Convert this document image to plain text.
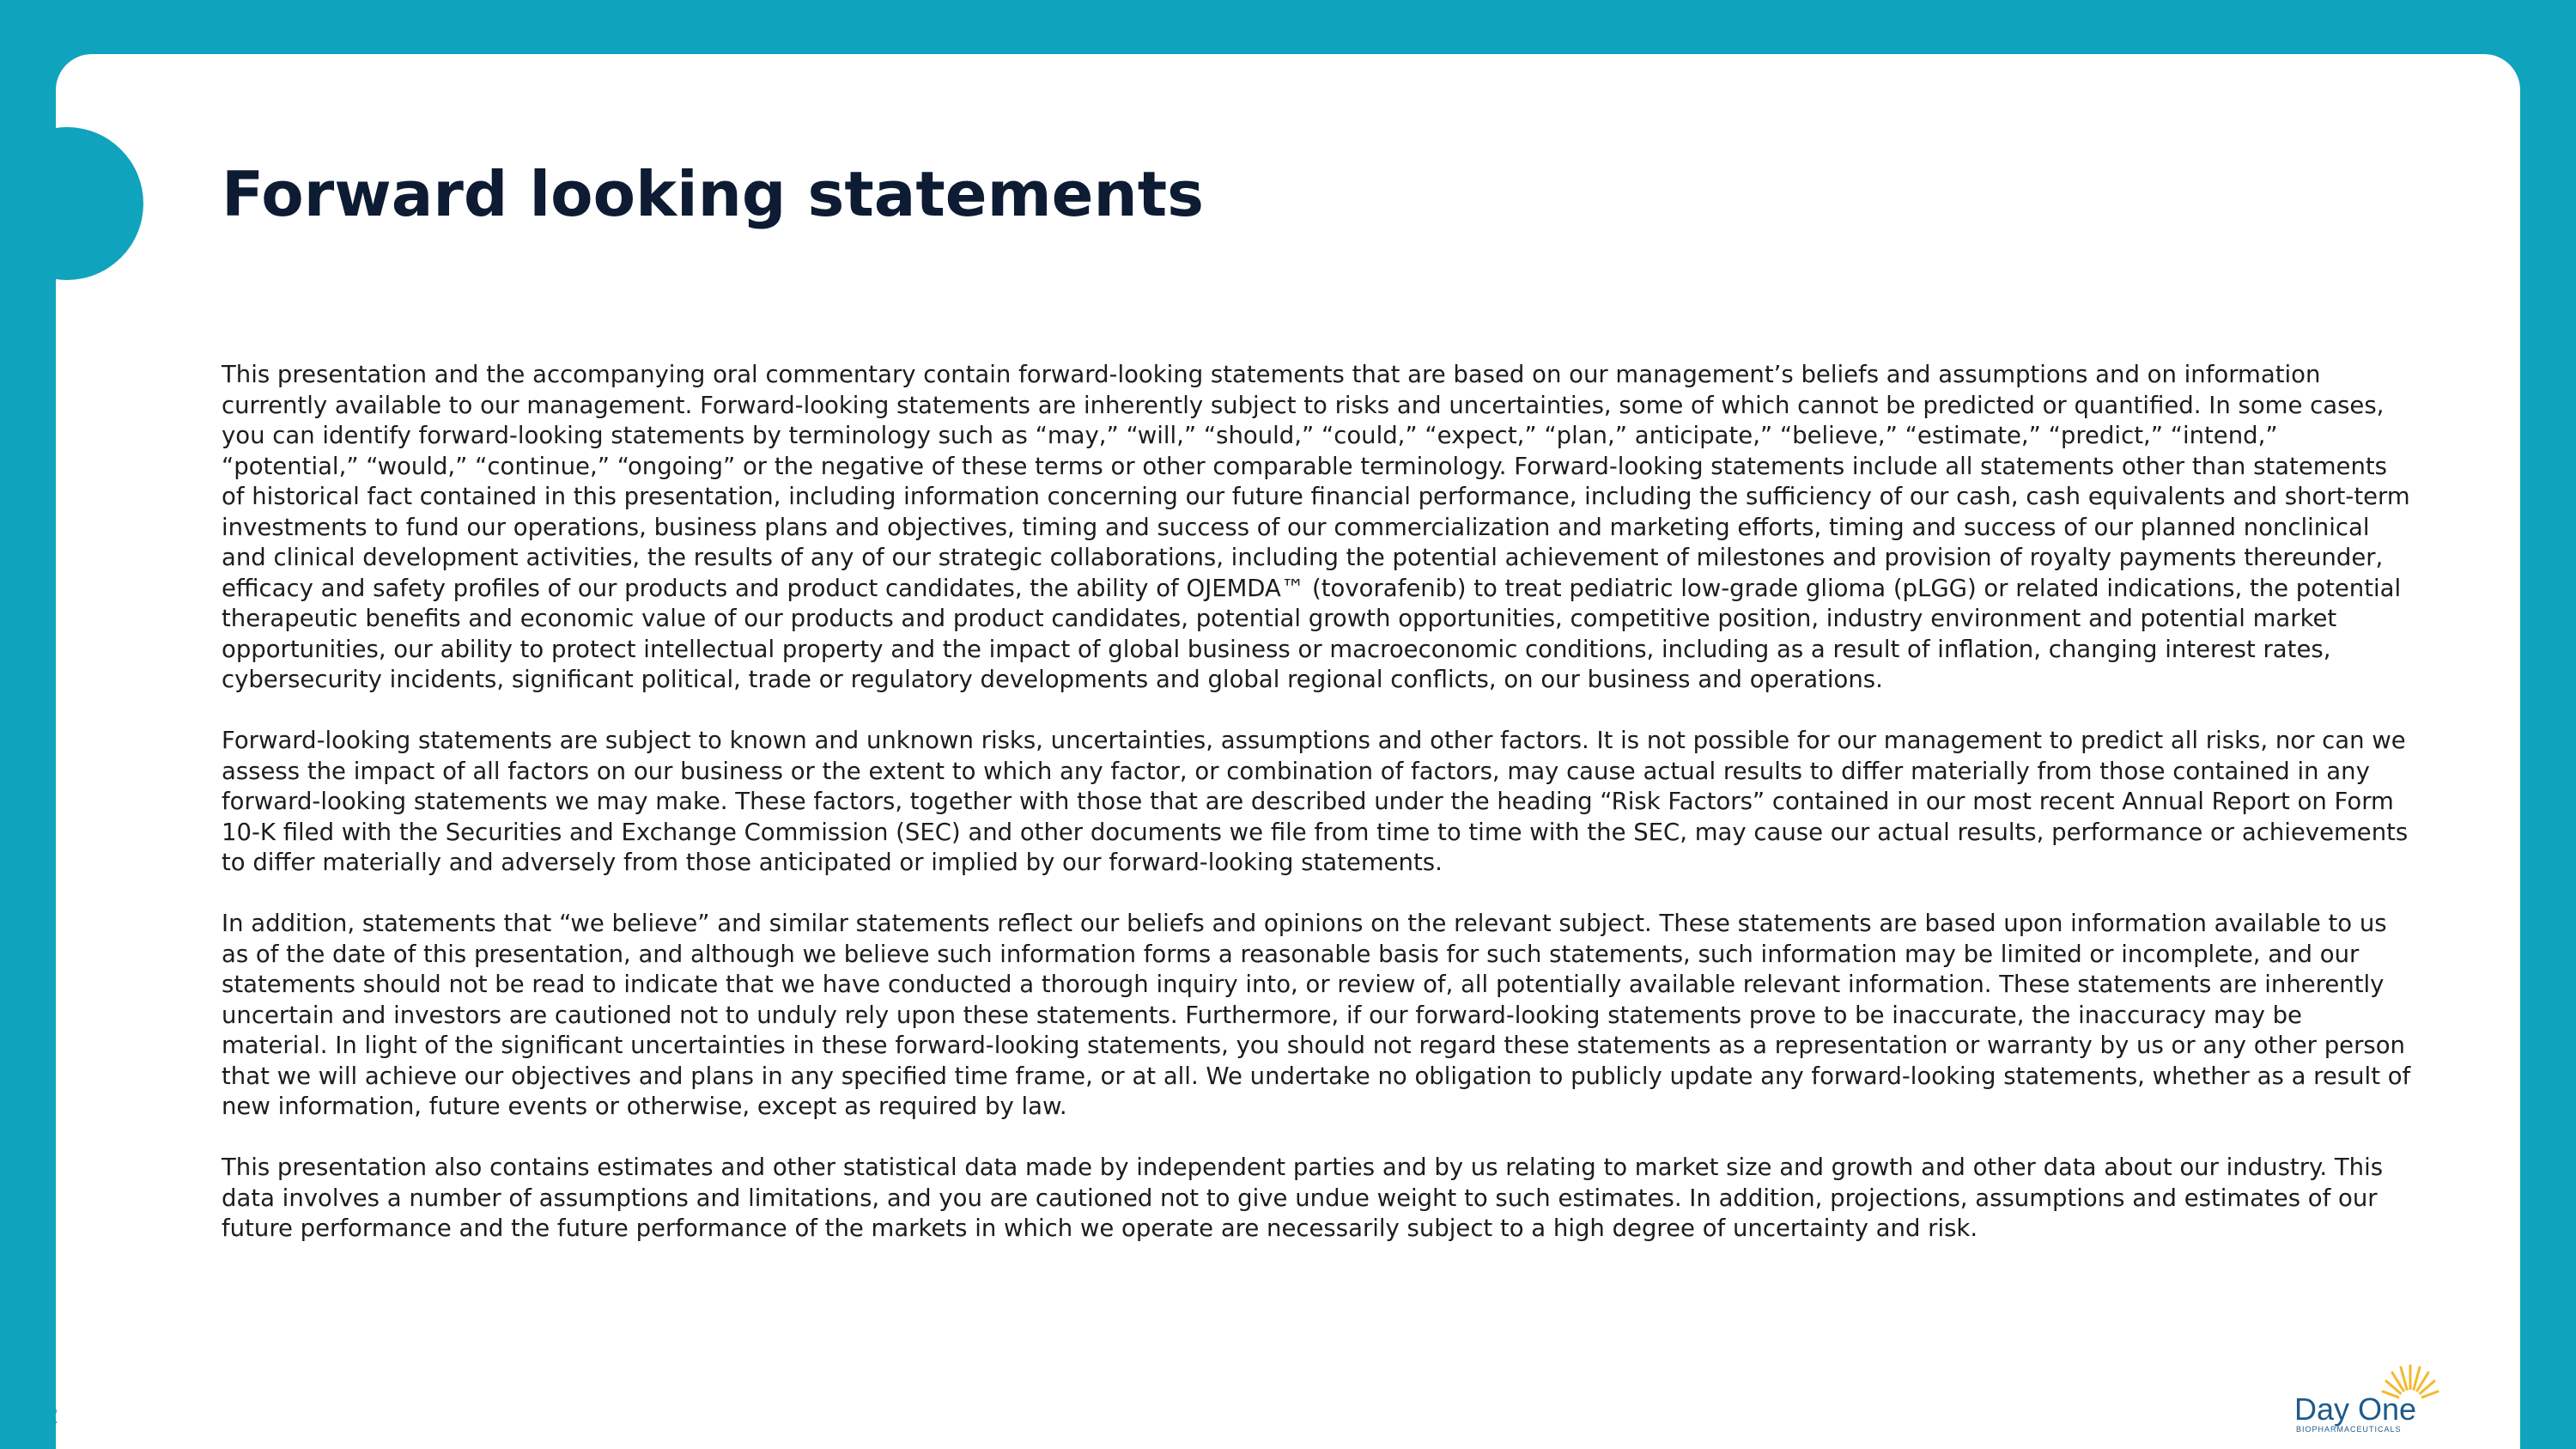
Forward looking statements

This presentation and the accompanying oral commentary contain forward-looking statements that are based on our management’s beliefs and assumptions and on information currently available to our management. Forward-looking statements are inherently subject to risks and uncertainties, some of which cannot be predicted or quantified. In some cases, you can identify forward-looking statements by terminology such as “may,” “will,” “should,” “could,” “expect,” “plan,” anticipate,” “believe,” “estimate,” “predict,” “intend,” “potential,” “would,” “continue,” “ongoing” or the negative of these terms or other comparable terminology. Forward-looking statements include all statements other than statements of historical fact contained in this presentation, including information concerning our future financial performance, including the sufficiency of our cash, cash equivalents and short-term investments to fund our operations, business plans and objectives, timing and success of our commercialization and marketing efforts, timing and success of our planned nonclinical and clinical development activities, the results of any of our strategic collaborations, including the potential achievement of milestones and provision of royalty payments thereunder, efficacy and safety profiles of our products and product candidates, the ability of OJEMDA™ (tovorafenib) to treat pediatric low-grade glioma (pLGG) or related indications, the potential therapeutic benefits and economic value of our products and product candidates, potential growth opportunities, competitive position, industry environment and potential market opportunities, our ability to protect intellectual property and the impact of global business or macroeconomic conditions, including as a result of inflation, changing interest rates, cybersecurity incidents, significant political, trade or regulatory developments and global regional conflicts, on our business and operations.

Forward-looking statements are subject to known and unknown risks, uncertainties, assumptions and other factors. It is not possible for our management to predict all risks, nor can we assess the impact of all factors on our business or the extent to which any factor, or combination of factors, may cause actual results to differ materially from those contained in any forward-looking statements we may make. These factors, together with those that are described under the heading “Risk Factors” contained in our most recent Annual Report on Form 10-K filed with the Securities and Exchange Commission (SEC) and other documents we file from time to time with the SEC, may cause our actual results, performance or achievements to differ materially and adversely from those anticipated or implied by our forward-looking statements.

In addition, statements that “we believe” and similar statements reflect our beliefs and opinions on the relevant subject. These statements are based upon information available to us as of the date of this presentation, and although we believe such information forms a reasonable basis for such statements, such information may be limited or incomplete, and our statements should not be read to indicate that we have conducted a thorough inquiry into, or review of, all potentially available relevant information. These statements are inherently uncertain and investors are cautioned not to unduly rely upon these statements. Furthermore, if our forward-looking statements prove to be inaccurate, the inaccuracy may be material. In light of the significant uncertainties in these forward-looking statements, you should not regard these statements as a representation or warranty by us or any other person that we will achieve our objectives and plans in any specified time frame, or at all. We undertake no obligation to publicly update any forward-looking statements, whether as a result of new information, future events or otherwise, except as required by law.

This presentation also contains estimates and other statistical data made by independent parties and by us relating to market size and growth and other data about our industry. This data involves a number of assumptions and limitations, and you are cautioned not to give undue weight to such estimates. In addition, projections, assumptions and estimates of our future performance and the future performance of the markets in which we operate are necessarily subject to a high degree of uncertainty and risk.

2	Day One
BIOPHARMACEUTICALS
